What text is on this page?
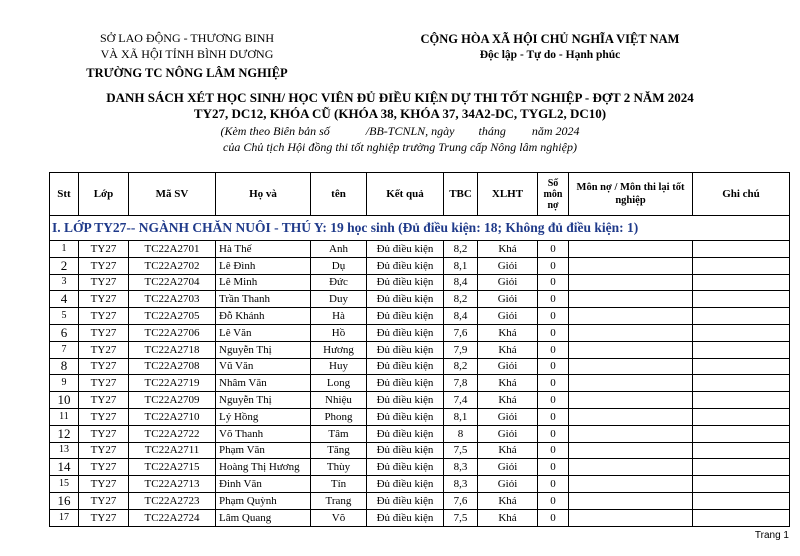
SỞ LAO ĐỘNG - THƯƠNG BINH
VÀ XÃ HỘI TỈNH BÌNH DƯƠNG
TRƯỜNG TC NÔNG LÂM NGHIỆP
CỘNG HÒA XÃ HỘI CHỦ NGHĨA VIỆT NAM
Độc lập - Tự do - Hạnh phúc
DANH SÁCH XÉT HỌC SINH/ HỌC VIÊN ĐỦ ĐIỀU KIỆN DỰ THI TỐT NGHIỆP - ĐỢT 2 NĂM 2024
TY27, DC12, KHÓA CŨ (KHÓA 38, KHÓA 37, 34A2-DC, TYGL2, DC10)
(Kèm theo Biên bản số	/BB-TCNLN, ngày tháng năm 2024
của Chủ tịch Hội đồng thi tốt nghiệp trường Trung cấp Nông lâm nghiệp)
Stt	Lớp	Mã SV	Họ và	tên	Kết quả	TBC	XLHT	Số môn nợ	Môn nợ / Môn thi lại tốt nghiệp	Ghi chú
I. LỚP TY27-- NGÀNH CHĂN NUÔI - THÚ Y: 19 học sinh (Đủ điều kiện: 18; Không đủ điều kiện: 1)										
1	TY27	TC22A2701	Hà Thế	Anh	Đủ điều kiện	8,2	Khá	0		
2	TY27	TC22A2702	Lê Đình	Dụ	Đủ điều kiện	8,1	Giỏi	0		
3	TY27	TC22A2704	Lê Minh	Đức	Đủ điều kiện	8,4	Giỏi	0		
4	TY27	TC22A2703	Trần Thanh	Duy	Đủ điều kiện	8,2	Giỏi	0		
5	TY27	TC22A2705	Đỗ Khánh	Hà	Đủ điều kiện	8,4	Giỏi	0		
6	TY27	TC22A2706	Lê Văn	Hồ	Đủ điều kiện	7,6	Khá	0		
7	TY27	TC22A2718	Nguyễn Thị	Hương	Đủ điều kiện	7,9	Khá	0		
8	TY27	TC22A2708	Vũ Văn	Huy	Đủ điều kiện	8,2	Giỏi	0		
9	TY27	TC22A2719	Nhâm Văn	Long	Đủ điều kiện	7,8	Khá	0		
10	TY27	TC22A2709	Nguyễn Thị	Nhiệu	Đủ điều kiện	7,4	Khá	0		
11	TY27	TC22A2710	Lý Hồng	Phong	Đủ điều kiện	8,1	Giỏi	0		
12	TY27	TC22A2722	Võ Thanh	Tâm	Đủ điều kiện	8	Giỏi	0		
13	TY27	TC22A2711	Phạm Văn	Tăng	Đủ điều kiện	7,5	Khá	0		
14	TY27	TC22A2715	Hoàng Thị Hương	Thùy	Đủ điều kiện	8,3	Giỏi	0		
15	TY27	TC22A2713	Đinh Văn	Tín	Đủ điều kiện	8,3	Giỏi	0		
16	TY27	TC22A2723	Phạm Quỳnh	Trang	Đủ điều kiện	7,6	Khá	0		
17	TY27	TC22A2724	Lâm Quang	Võ	Đủ điều kiện	7,5	Khá	0		
Trang 1
